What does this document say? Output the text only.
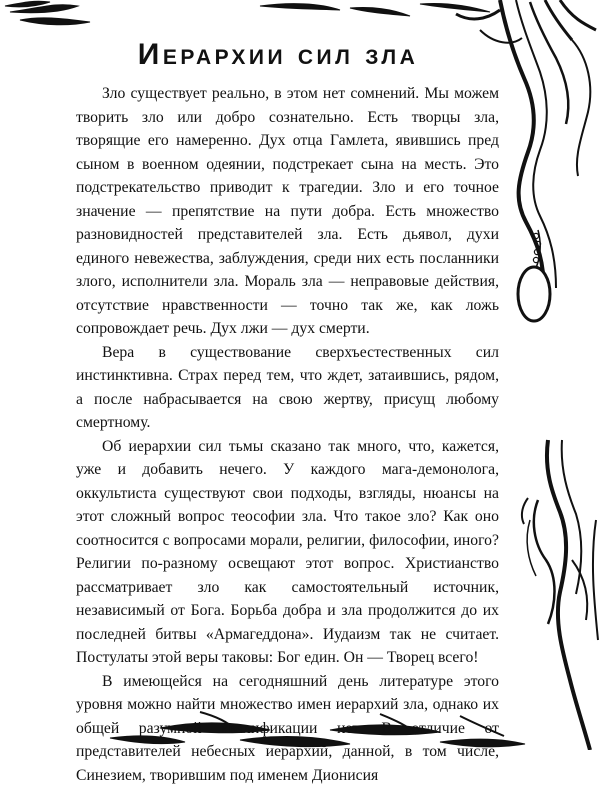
Иерархии сил зла

Зло существует реально, в этом нет сомнений. Мы можем творить зло или добро сознательно. Есть творцы зла, творящие его намеренно. Дух отца Гамлета, явившись пред сыном в военном одеянии, подстрекает сына на месть. Это подстрекательство приводит к трагедии. Зло и его точное значение — препятствие на пути добра. Есть множество разновидностей представителей зла. Есть дьявол, духи единого невежества, заблуждения, среди них есть посланники злого, исполнители зла. Мораль зла — неправовые действия, отсутствие нравственности — точно так же, как ложь сопровождает речь. Дух лжи — дух смерти.

Вера в существование сверхъестественных сил инстинктивна. Страх перед тем, что ждет, затаившись, рядом, а после набрасывается на свою жертву, присущ любому смертному.

Об иерархии сил тьмы сказано так много, что, кажется, уже и добавить нечего. У каждого мага-демонолога, оккультиста существуют свои подходы, взгляды, нюансы на этот сложный вопрос теософии зла. Что такое зло? Как оно соотносится с вопросами морали, религии, философии, иного? Религии по-разному освещают этот вопрос. Христианство рассматривает зло как самостоятельный источник, независимый от Бога. Борьба добра и зла продолжится до их последней битвы «Армагеддона». Иудаизм так не считает. Постулаты этой веры таковы: Бог един. Он — Творец всего!

В имеющейся на сегодняшний день литературе этого уровня можно найти множество имен иерархий зла, однако их общей разумной квалификации нет. В отличие от представителей небесных иерархий, данной, в том числе, Синезием, творившим под именем Дионисия
